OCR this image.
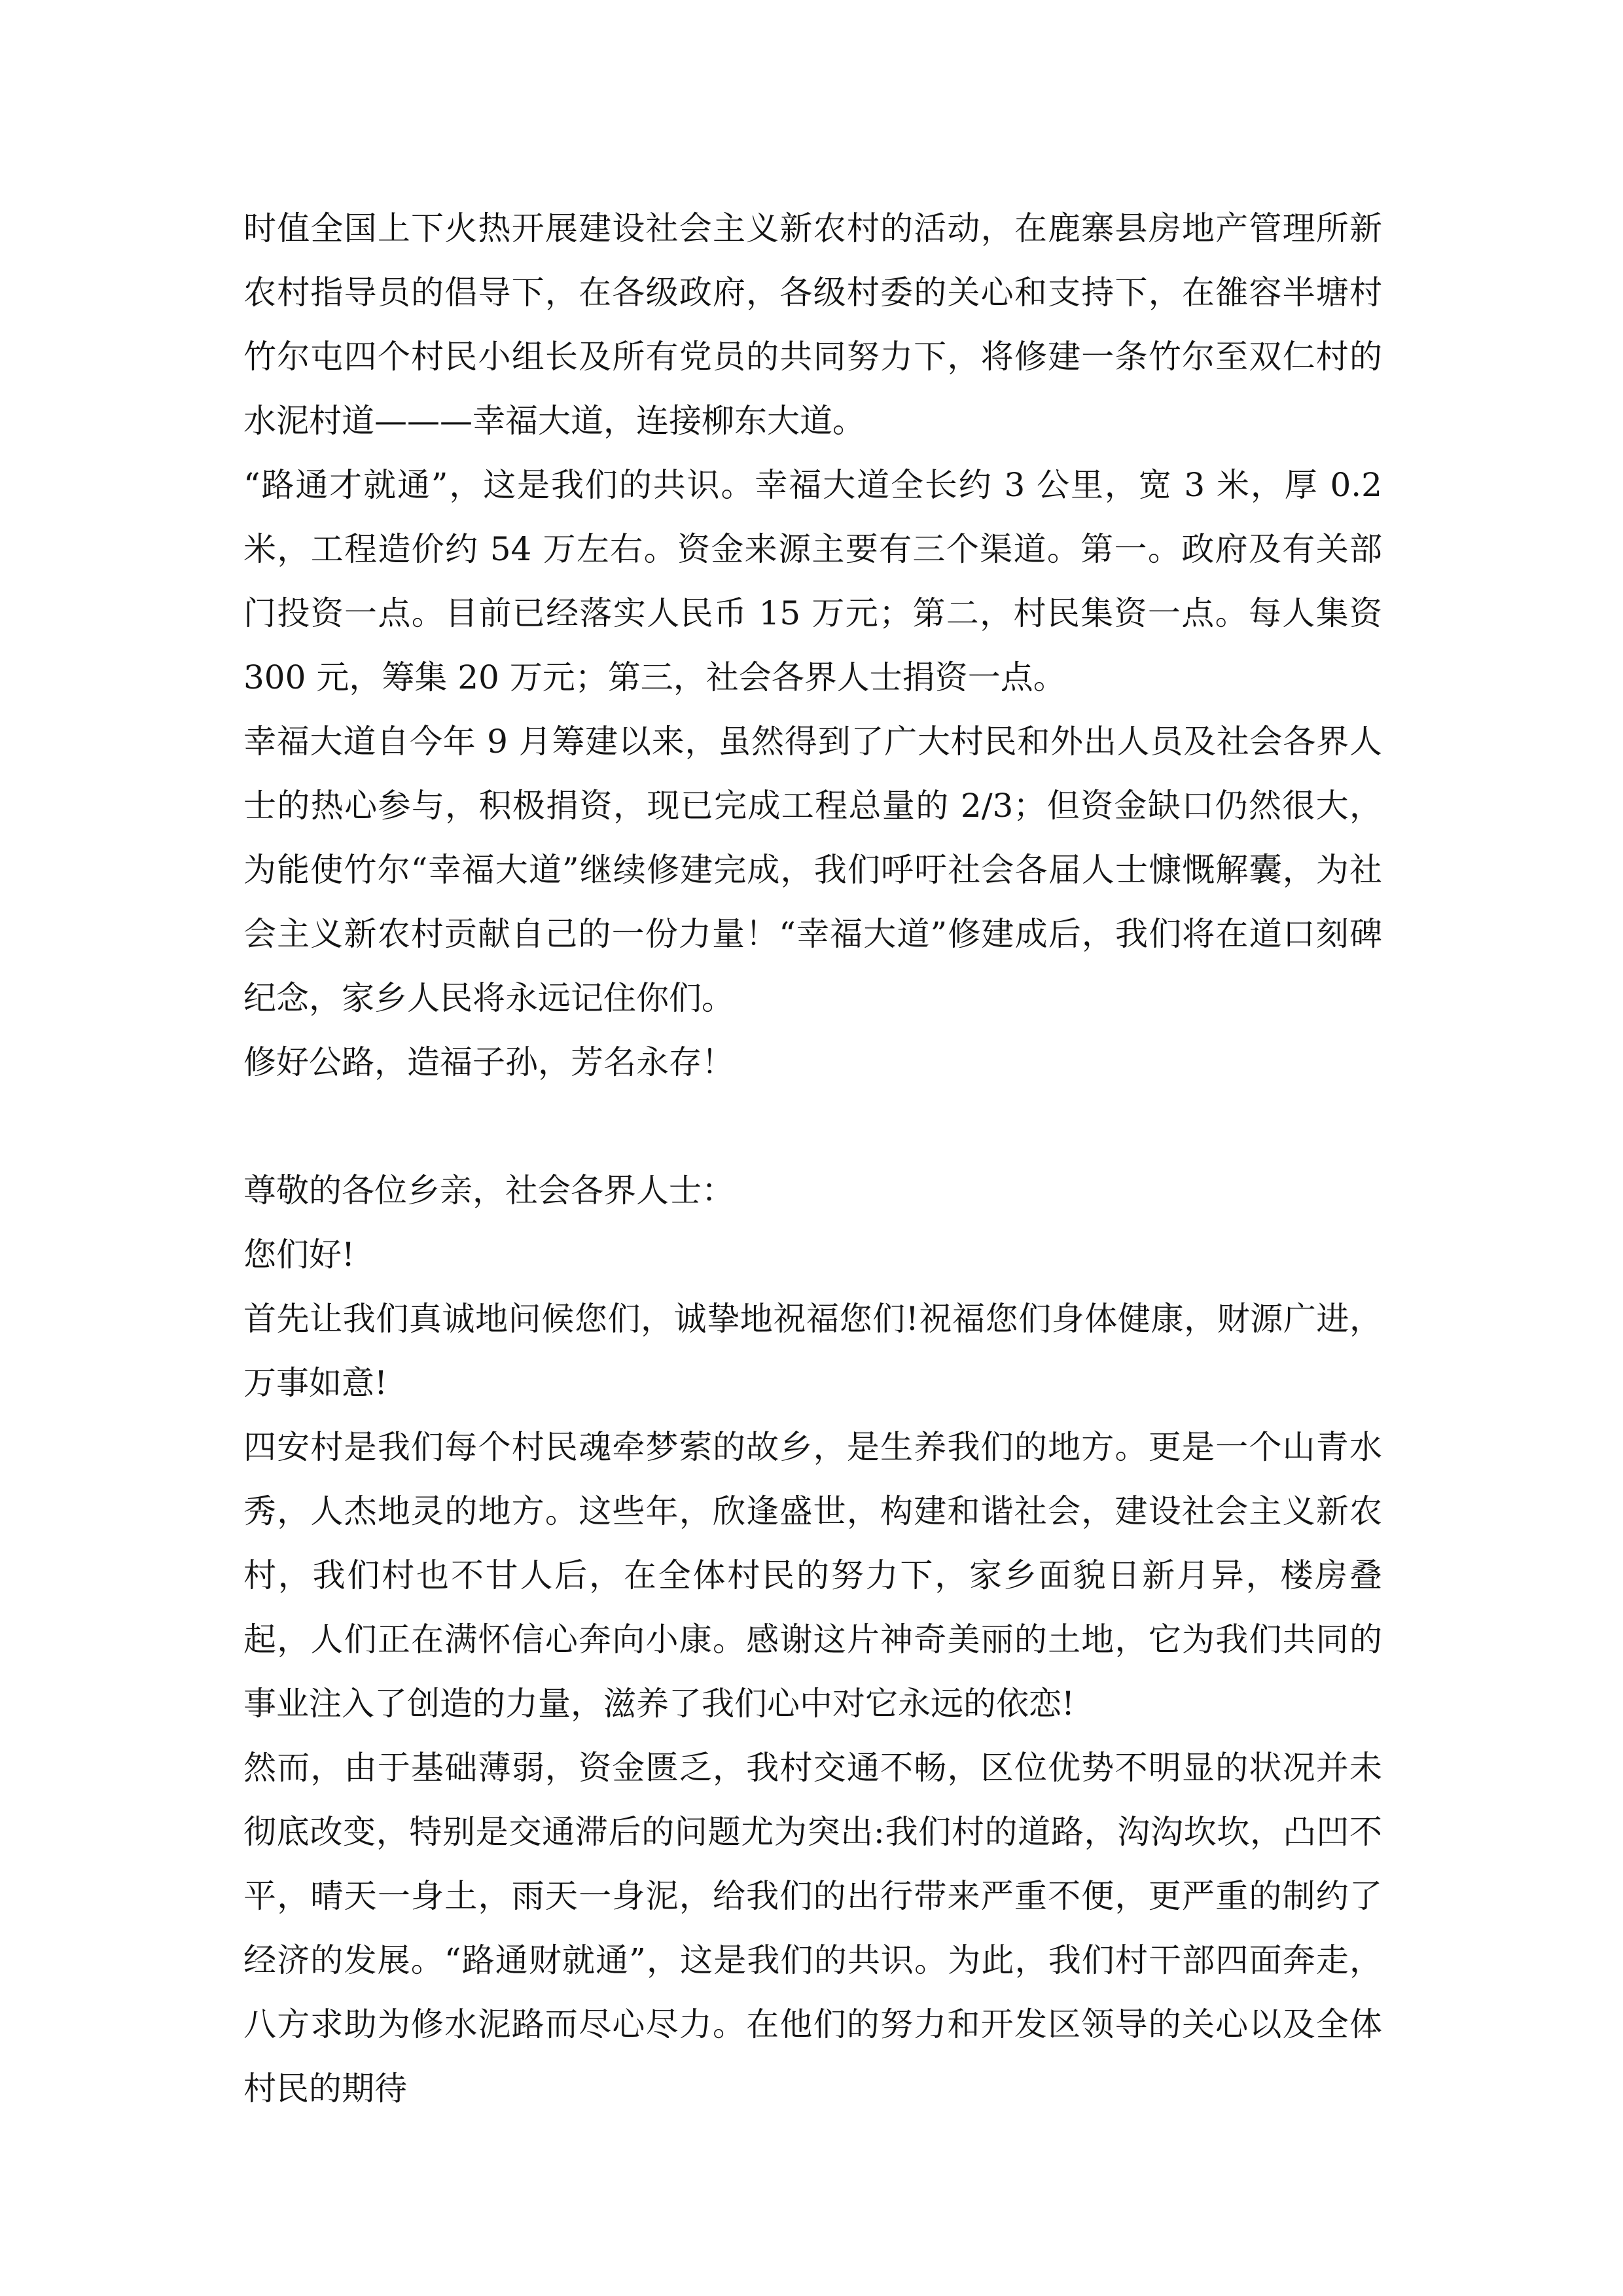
时值全国上下火热开展建设社会主义新农村的活动，在鹿寨县房地产管理所新农村指导员的倡导下，在各级政府，各级村委的关心和支持下，在雒容半塘村竹尔屯四个村民小组长及所有党员的共同努力下，将修建一条竹尔至双仁村的水泥村道———幸福大道，连接柳东大道。

“路通才就通”，这是我们的共识。幸福大道全长约 3 公里，宽 3 米，厚 0.2 米，工程造价约 54 万左右。资金来源主要有三个渠道。第一。政府及有关部门投资一点。目前已经落实人民币 15 万元；第二，村民集资一点。每人集资 300 元，筹集 20 万元；第三，社会各界人士捐资一点。

幸福大道自今年 9 月筹建以来，虽然得到了广大村民和外出人员及社会各界人士的热心参与，积极捐资，现已完成工程总量的 2/3；但资金缺口仍然很大，为能使竹尔“幸福大道”继续修建完成，我们呼吁社会各届人士慷慨解囊，为社会主义新农村贡献自己的一份力量！“幸福大道”修建成后，我们将在道口刻碑纪念，家乡人民将永远记住你们。

修好公路，造福子孙，芳名永存！

尊敬的各位乡亲，社会各界人士：

您们好!

首先让我们真诚地问候您们，诚挚地祝福您们!祝福您们身体健康，财源广进，万事如意!

四安村是我们每个村民魂牵梦萦的故乡，是生养我们的地方。更是一个山青水秀，人杰地灵的地方。这些年，欣逢盛世，构建和谐社会，建设社会主义新农村，我们村也不甘人后，在全体村民的努力下，家乡面貌日新月异，楼房叠起，人们正在满怀信心奔向小康。感谢这片神奇美丽的土地，它为我们共同的事业注入了创造的力量，滋养了我们心中对它永远的依恋!

然而，由于基础薄弱，资金匮乏，我村交通不畅，区位优势不明显的状况并未彻底改变，特别是交通滞后的问题尤为突出:我们村的道路，沟沟坎坎，凸凹不平，晴天一身土，雨天一身泥，给我们的出行带来严重不便，更严重的制约了经济的发展。“路通财就通”，这是我们的共识。为此，我们村干部四面奔走，八方求助为修水泥路而尽心尽力。在他们的努力和开发区领导的关心以及全体村民的期待
